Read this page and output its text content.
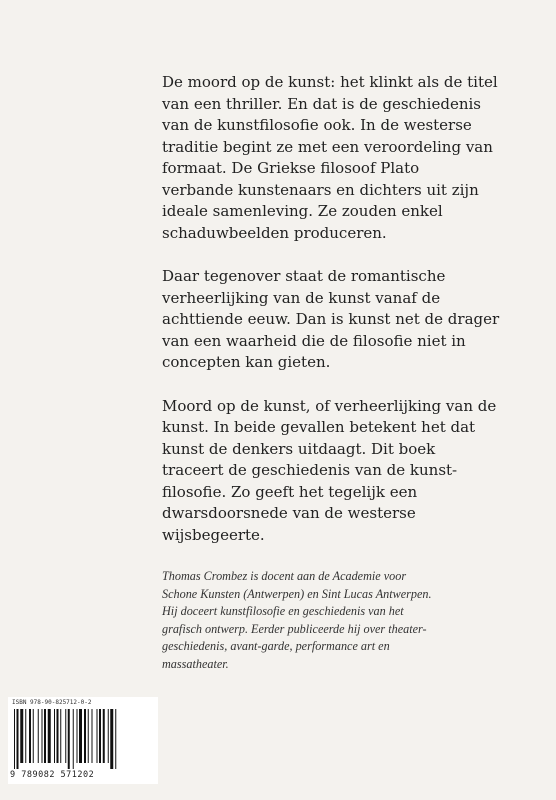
De moord op de kunst: het klinkt als de titel
van een thriller. En dat is de geschiedenis
van de kunstfilosofie ook. In de westerse
traditie begint ze met een veroordeling van
formaat. De Griekse filosoof Plato
verbande kunstenaars en dichters uit zijn
ideale samenleving. Ze zouden enkel
schaduwbeelden produceren.

Daar tegenover staat de romantische
verheerlijking van de kunst vanaf de
achttiende eeuw. Dan is kunst net de drager
van een waarheid die de filosofie niet in
concepten kan gieten.

Moord op de kunst, of verheerlijking van de
kunst. In beide gevallen betekent het dat
kunst de denkers uitdaagt. Dit boek
traceert de geschiedenis van de kunst-
filosofie. Zo geeft het tegelijk een
dwarsdoorsnede van de westerse
wijsbegeerte.

Thomas Crombez is docent aan de Academie voor
Schone Kunsten (Antwerpen) en Sint Lucas Antwerpen.
Hij doceert kunstfilosofie en geschiedenis van het
grafisch ontwerp. Eerder publiceerde hij over theater-
geschiedenis, avant-garde, performance art en
massatheater.
ISBN 978-90-825712-0-2
9 789082 571202
